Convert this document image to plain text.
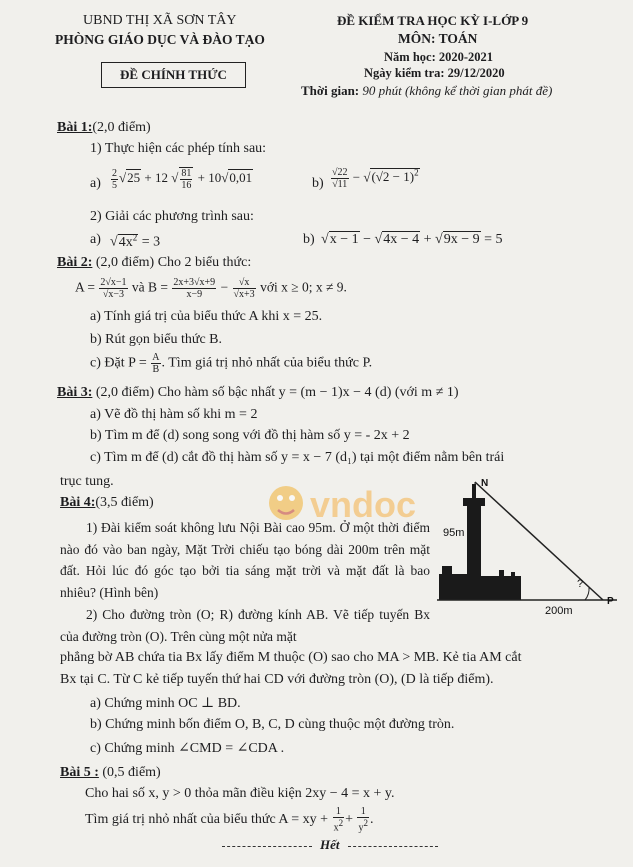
UBND THỊ XÃ SƠN TÂY
PHÒNG GIÁO DỤC VÀ ĐÀO TẠO
ĐỀ CHÍNH THỨC
ĐỀ KIỂM TRA HỌC KỲ I-LỚP 9
MÔN: TOÁN
Năm học: 2020-2021
Ngày kiểm tra: 29/12/2020
Thời gian: 90 phút (không kể thời gian phát đề)
Bài 1:(2,0 điểm)
1) Thực hiện các phép tính sau:
$a) \frac{2}{5} √25 + 12$ √ $\frac{81}{16} + 10√0,01$	$b) \frac{√22}{√11} - √(√2 - 1)^2$
2) Giải các phương trình sau:
a) $√4x^2 = 3$	b) √x − 1 − √4x − 4 + √9x − 9 = 5
Bài 2: (2,0 điểm) Cho 2 biểu thức:
$A = \frac{2√x-1}{√x-3}$ và $B = \frac{2x+3√x+9}{x-9} - \frac{√x}{√x+3}$ với x ≥ 0; x ≠ 9.
a) Tính giá trị của biểu thức A khi x = 25.
b) Rút gọn biểu thức B.
c) Đặt $P = \frac{A}{B}$ . Tìm giá trị nhỏ nhất của biểu thức P.
Bài 3: (2,0 điểm) Cho hàm số bậc nhất y = (m − 1)x − 4 (d) (với m ≠ 1)
a) Vẽ đồ thị hàm số khi m = 2
b) Tìm m để (d) song song với đồ thị hàm số y = - 2x + 2
c) Tìm m để (d) cắt đồ thị hàm số y = x − 7 (d₁) tại một điểm nằm bên trái
trục tung.
vndoc
Bài 4:(3,5 điểm)
1) Đài kiểm soát không lưu Nội Bài cao 95m. Ở một thời điểm nào đó vào ban ngày, Mặt Trời chiếu tạo bóng dài 200m trên mặt đất. Hỏi lúc đó góc tạo bởi tia sáng mặt trời và mặt đất là bao nhiêu? (Hình bên)
2) Cho đường tròn (O; R) đường kính AB. Vẽ tiếp tuyến Bx của đường tròn (O). Trên cùng một nửa mặt
phẳng bờ AB chứa tia Bx lấy điểm M thuộc (O) sao cho MA > MB. Kẻ tia AM cắt
Bx tại C. Từ C kẻ tiếp tuyến thứ hai CD với đường tròn (O), (D là tiếp điểm).
a) Chứng minh OC ⊥ BD.
b) Chứng minh bốn điểm O, B, C, D cùng thuộc một đường tròn.
c) Chứng minh ∠CMD = ∠CDA .
N
95m
?
200m
P
Bài 5 : (0,5 điểm)
Cho hai số x, y > 0 thỏa mãn điều kiện 2xy − 4 = x + y.
Tìm giá trị nhỏ nhất của biểu thức A = xy + $\frac{1}{x2} + \frac{1}{y2}$ .
Hết
